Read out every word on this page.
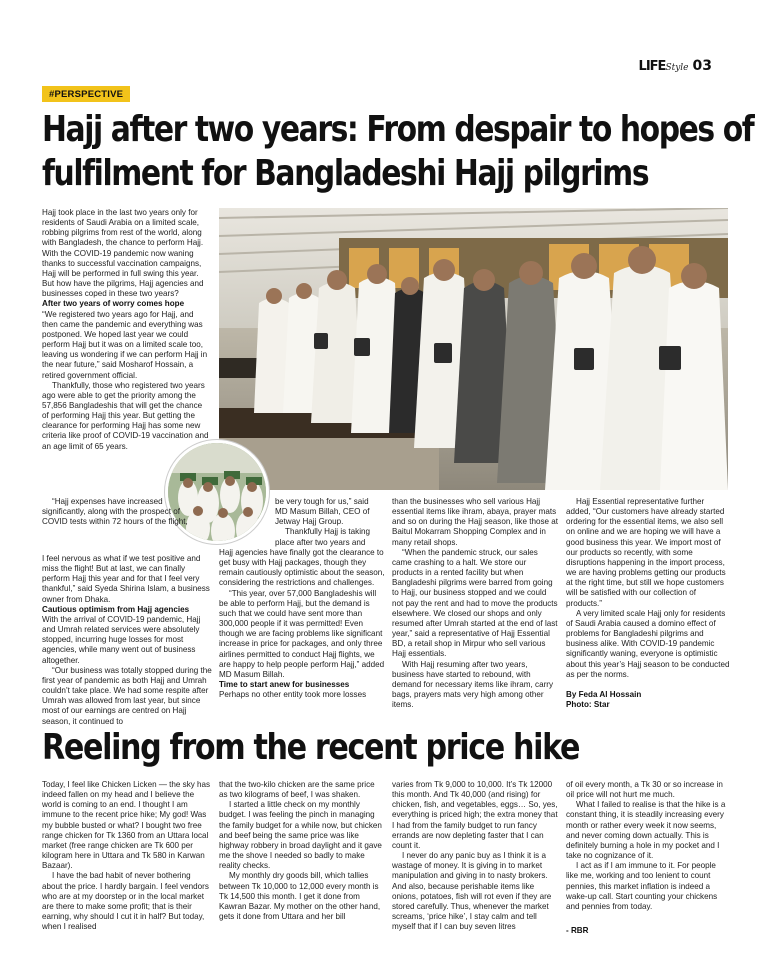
LIFE Style 03
#PERSPECTIVE
Hajj after two years: From despair to hopes of
fulfilment for Bangladeshi Hajj pilgrims

Hajj took place in the last two years only for residents of Saudi Arabia on a limited scale, robbing pilgrims from rest of the world, along with Bangladesh, the chance to perform Hajj. With the COVID-19 pandemic now waning thanks to successful vaccination campaigns, Hajj will be performed in full swing this year. But how have the pilgrims, Hajj agencies and businesses coped in these two years?

After two years of worry comes hope

“We registered two years ago for Hajj, and then came the pandemic and everything was postponed. We hoped last year we could perform Hajj but it was on a limited scale too, leaving us wondering if we can perform Hajj in the near future,” said Mosharof Hossain, a retired government official.

Thankfully, those who registered two years ago were able to get the priority among the 57,856 Bangladeshis that will get the chance of performing Hajj this year. But getting the clearance for performing Hajj has some new criteria like proof of COVID-19 vaccination and an age limit of 65 years.

“Hajj expenses have increased significantly, along with the prospect of COVID tests within 72 hours of the flight,

I feel nervous as what if we test positive and miss the flight! But at last, we can finally perform Hajj this year and for that I feel very thankful,” said Syeda Shirina Islam, a business owner from Dhaka.

Cautious optimism from Hajj agencies

With the arrival of COVID-19 pandemic, Hajj and Umrah related services were absolutely stopped, incurring huge losses for most agencies, while many went out of business altogether.

“Our business was totally stopped during the first year of pandemic as both Hajj and Umrah couldn’t take place. We had some respite after Umrah was allowed from last year, but since most of our earnings are centred on Hajj season, it continued to

be very tough for us,” said MD Masum Billah, CEO of Jetway Hajj Group.

Thankfully Hajj is taking place after two years and

Hajj agencies have finally got the clearance to get busy with Hajj packages, though they remain cautiously optimistic about the season, considering the restrictions and challenges.

“This year, over 57,000 Bangladeshis will be able to perform Hajj, but the demand is such that we could have sent more than 300,000 people if it was permitted! Even though we are facing problems like significant increase in price for packages, and only three airlines permitted to conduct Hajj flights, we are happy to help people perform Hajj,” added MD Masum Billah.

Time to start anew for businesses

Perhaps no other entity took more losses

than the businesses who sell various Hajj essential items like ihram, abaya, prayer mats and so on during the Hajj season, like those at Baitul Mokarram Shopping Complex and in many retail shops.

“When the pandemic struck, our sales came crashing to a halt. We store our products in a rented facility but when Bangladeshi pilgrims were barred from going to Hajj, our business stopped and we could not pay the rent and had to move the products elsewhere. We closed our shops and only resumed after Umrah started at the end of last year,” said a representative of Hajj Essential BD, a retail shop in Mirpur who sell various Hajj essentials.

With Hajj resuming after two years, business have started to rebound, with demand for necessary items like ihram, carry bags, prayers mats very high among other items.

Hajj Essential representative further added, “Our customers have already started ordering for the essential items, we also sell on online and we are hoping we will have a good business this year. We import most of our products so recently, with some disruptions happening in the import process, we are having problems getting our products at the right time, but still we hope customers will be satisfied with our collection of products.”

A very limited scale Hajj only for residents of Saudi Arabia caused a domino effect of problems for Bangladeshi pilgrims and business alike. With COVID-19 pandemic significantly waning, everyone is optimistic about this year’s Hajj season to be conducted as per the norms.

By Feda Al Hossain

Photo: Star

Reeling from the recent price hike

Today, I feel like Chicken Licken — the sky has indeed fallen on my head and I believe the world is coming to an end. I thought I am immune to the recent price hike; My god! Was my bubble busted or what? I bought two free range chicken for Tk 1360 from an Uttara local market (free range chicken are Tk 600 per kilogram here in Uttara and Tk 580 in Karwan Bazaar).

I have the bad habit of never bothering about the price. I hardly bargain. I feel vendors who are at my doorstep or in the local market are there to make some profit; that is their earning, why should I cut it in half? But today, when I realised

that the two-kilo chicken are the same price as two kilograms of beef, I was shaken.

I started a little check on my monthly budget. I was feeling the pinch in managing the family budget for a while now, but chicken and beef being the same price was like highway robbery in broad daylight and it gave me the shove I needed so badly to make reality checks.

My monthly dry goods bill, which tallies between Tk 10,000 to 12,000 every month is Tk 14,500 this month. I get it done from Kawran Bazar. My mother on the other hand, gets it done from Uttara and her bill

varies from Tk 9,000 to 10,000. It’s Tk 12000 this month. And Tk 40,000 (and rising) for chicken, fish, and vegetables, eggs… So, yes, everything is priced high; the extra money that I had from the family budget to run fancy errands are now depleting faster that I can count it.

I never do any panic buy as I think it is a wastage of money. It is giving in to market manipulation and giving in to nasty brokers. And also, because perishable items like onions, potatoes, fish will rot even if they are stored carefully. Thus, whenever the market screams, ‘price hike’, I stay calm and tell myself that if I can buy seven litres

of oil every month, a Tk 30 or so increase in oil price will not hurt me much.

What I failed to realise is that the hike is a constant thing, it is steadily increasing every month or rather every week it now seems, and never coming down actually. This is definitely burning a hole in my pocket and I take no cognizance of it.

I act as if I am immune to it. For people like me, working and too lenient to count pennies, this market inflation is indeed a wake-up call. Start counting your chickens and pennies from today.

- RBR
